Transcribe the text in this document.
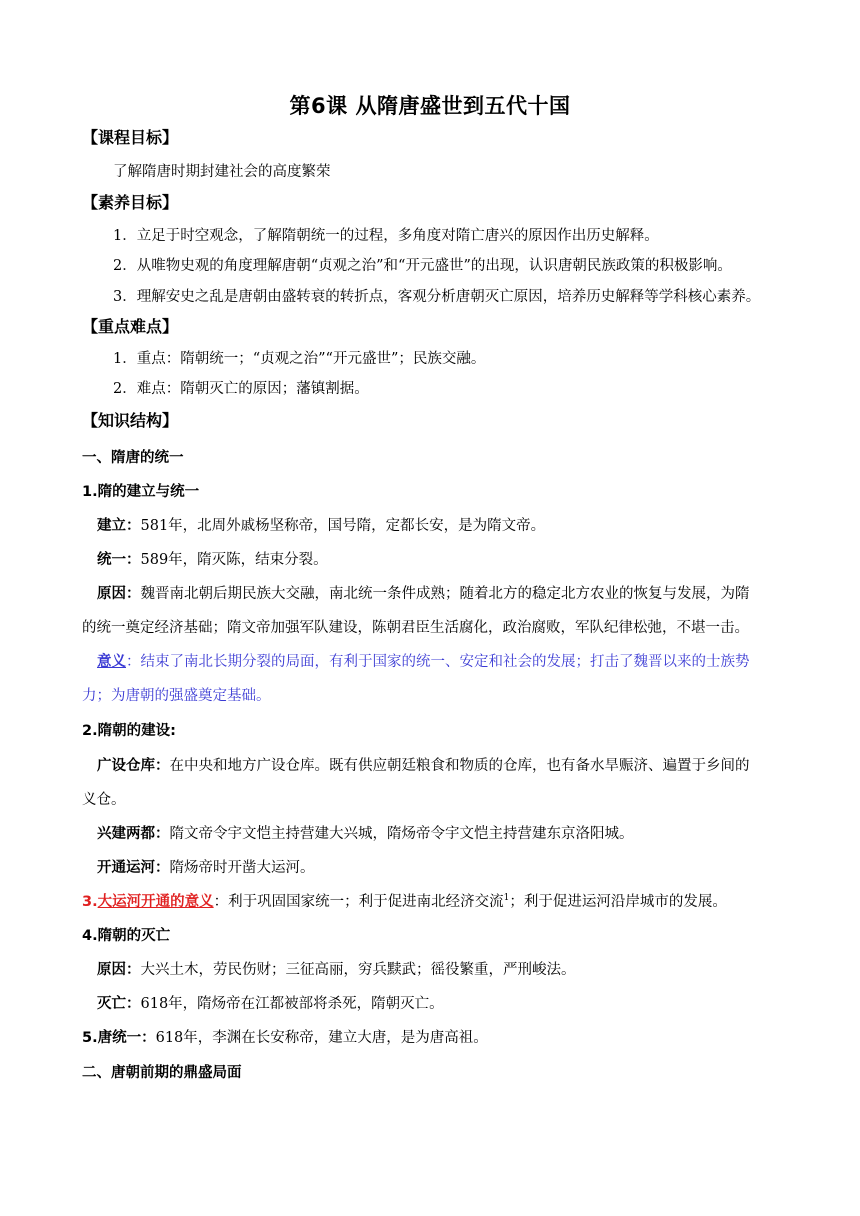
第6课 从隋唐盛世到五代十国
【课程目标】
了解隋唐时期封建社会的高度繁荣
【素养目标】
1．立足于时空观念，了解隋朝统一的过程，多角度对隋亡唐兴的原因作出历史解释。
2．从唯物史观的角度理解唐朝“贞观之治”和“开元盛世”的出现，认识唐朝民族政策的积极影响。
3．理解安史之乱是唐朝由盛转衰的转折点，客观分析唐朝灭亡原因，培养历史解释等学科核心素养。
【重点难点】
1．重点：隋朝统一；“贞观之治”“开元盛世”；民族交融。
2．难点：隋朝灭亡的原因；藩镇割据。
【知识结构】
一、隋唐的统一
1.隋的建立与统一
建立：581年，北周外戚杨坚称帝，国号隋，定都长安，是为隋文帝。
统一：589年，隋灭陈，结束分裂。
原因：魏晋南北朝后期民族大交融，南北统一条件成熟；随着北方的稳定北方农业的恢复与发展，为隋
的统一奠定经济基础；隋文帝加强军队建设，陈朝君臣生活腐化，政治腐败，军队纪律松弛，不堪一击。
意义：结束了南北长期分裂的局面，有利于国家的统一、安定和社会的发展；打击了魏晋以来的士族势
力；为唐朝的强盛奠定基础。
2.隋朝的建设:
广设仓库：在中央和地方广设仓库。既有供应朝廷粮食和物质的仓库，也有备水旱赈济、遍置于乡间的
义仓。
兴建两都：隋文帝令宇文恺主持营建大兴城，隋炀帝令宇文恺主持营建东京洛阳城。
开通运河：隋炀帝时开凿大运河。
3.大运河开通的意义：利于巩固国家统一；利于促进南北经济交流$^1$；利于促进运河沿岸城市的发展。
4.隋朝的灭亡
原因：大兴土木，劳民伤财；三征高丽，穷兵黩武；徭役繁重，严刑峻法。
灭亡：618年，隋炀帝在江都被部将杀死，隋朝灭亡。
5.唐统一：618年，李渊在长安称帝，建立大唐，是为唐高祖。
二、唐朝前期的鼎盛局面
